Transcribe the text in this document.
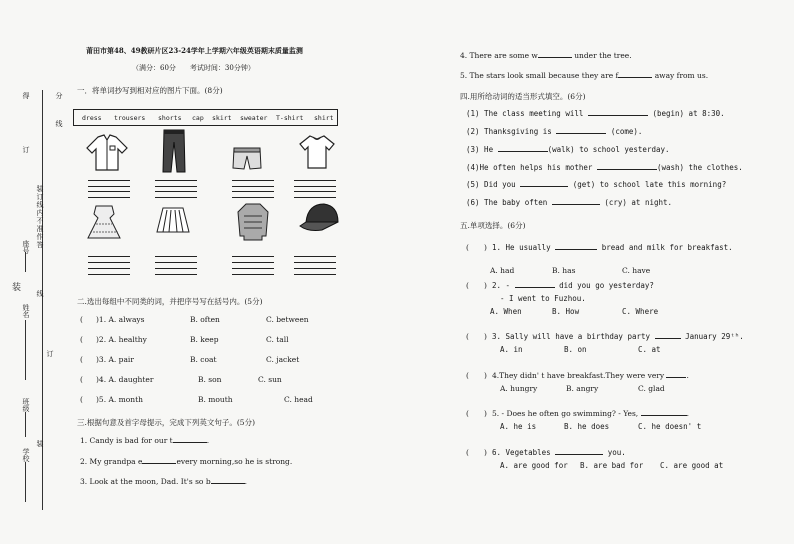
得	分
线
订
装订线内不准作答
座号
装
线
姓名
订
班级
装
学校
莆田市第48、49教研片区23-24学年上学期六年级英语期末质量监测
（满分：60分　　考试时间：30分钟）
一．将单词抄写到相对应的图片下面。(8分)
dress trousers shorts cap skirt sweater T-shirt shirt
二.选出每组中不同类的词，并把序号写在括号内。(5分)
( )1. A. always	B. often	C. between
( )2. A. healthy	B. keep	C. tall
( )3. A. pair	B. coat	C. jacket
( )4. A. daughter	B. son	C. sun
( )5. A. month	B. mouth	C. head
三.根据句意及首字母提示，完成下列英文句子。(5分)
1. Candy is bad for our t	.
2. My grandpa e	every morning,so he is strong.
3. Look at the moon, Dad. It's so b	.
4. There are some w	under the tree.
5. The stars look small because they are f	away from us.
四.用所给动词的适当形式填空。(6分)
(1) The class meeting will	(begin) at 8:30.
(2) Thanksgiving is	(come).
(3) He	(walk) to school yesterday.
(4)He often helps his mother	(wash) the clothes.
(5) Did you	(get) to school late this morning?
(6) The baby often	(cry) at night.
五.单项选择。(6分)
( ) 1. He usually	bread and milk for breakfast.
A. had	B. has	C. have
( ) 2. -	did you go yesterday?
- I went to Fuzhou.
A. When	B. How	C. Where
( ) 3. Sally will have a birthday party	January 29ᵗʰ.
A. in	B. on	C. at
( ) 4.They didn' t have breakfast.They were very	.
A. hungry	B. angry	C. glad
( ) 5. - Does he often go swimming? - Yes,	.
A. he is	B. he does	C. he doesn' t
( ) 6. Vegetables	you.
A. are good for B. are bad for C. are good at
